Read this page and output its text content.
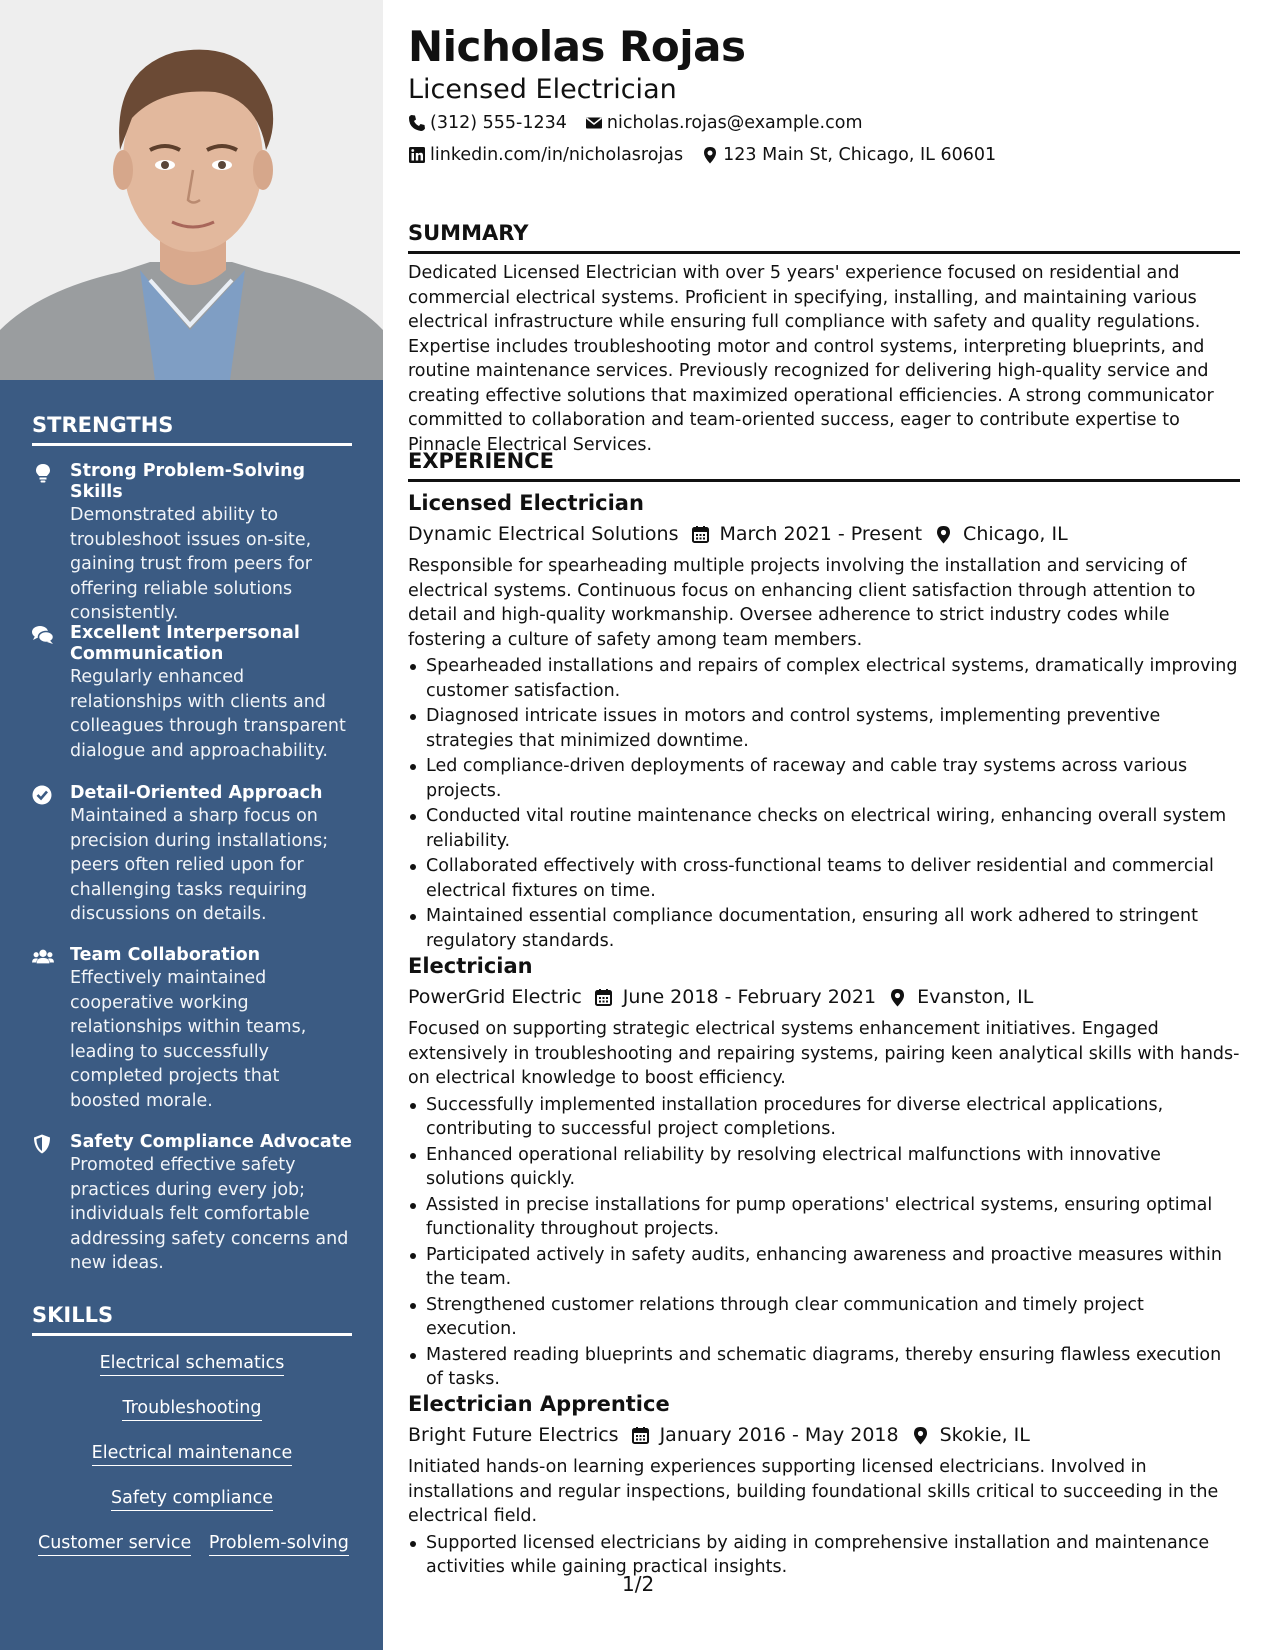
STRENGTHS
Strong Problem-Solving Skills
Demonstrated ability to troubleshoot issues on-site, gaining trust from peers for offering reliable solutions consistently.
Excellent Interpersonal Communication
Regularly enhanced relationships with clients and colleagues through transparent dialogue and approachability.
Detail-Oriented Approach
Maintained a sharp focus on precision during installations; peers often relied upon for challenging tasks requiring discussions on details.
Team Collaboration
Effectively maintained cooperative working relationships within teams, leading to successfully completed projects that boosted morale.
Safety Compliance Advocate
Promoted effective safety practices during every job; individuals felt comfortable addressing safety concerns and new ideas.
SKILLS
Electrical schematics
Troubleshooting
Electrical maintenance
Safety compliance
Customer service Problem-solving
Nicholas Rojas
Licensed Electrician
(312) 555-1234 nicholas.rojas@example.com
linkedin.com/in/nicholasrojas 123 Main St, Chicago, IL 60601
SUMMARY
Dedicated Licensed Electrician with over 5 years' experience focused on residential and commercial electrical systems. Proficient in specifying, installing, and maintaining various electrical infrastructure while ensuring full compliance with safety and quality regulations. Expertise includes troubleshooting motor and control systems, interpreting blueprints, and routine maintenance services. Previously recognized for delivering high-quality service and creating effective solutions that maximized operational efficiencies. A strong communicator committed to collaboration and team-oriented success, eager to contribute expertise to Pinnacle Electrical Services.
EXPERIENCE
Licensed Electrician
Dynamic Electrical Solutions March 2021 - Present Chicago, IL
Responsible for spearheading multiple projects involving the installation and servicing of electrical systems. Continuous focus on enhancing client satisfaction through attention to detail and high-quality workmanship. Oversee adherence to strict industry codes while fostering a culture of safety among team members.
Spearheaded installations and repairs of complex electrical systems, dramatically improving customer satisfaction.
Diagnosed intricate issues in motors and control systems, implementing preventive strategies that minimized downtime.
Led compliance-driven deployments of raceway and cable tray systems across various projects.
Conducted vital routine maintenance checks on electrical wiring, enhancing overall system reliability.
Collaborated effectively with cross-functional teams to deliver residential and commercial electrical fixtures on time.
Maintained essential compliance documentation, ensuring all work adhered to stringent regulatory standards.
Electrician
PowerGrid Electric June 2018 - February 2021 Evanston, IL
Focused on supporting strategic electrical systems enhancement initiatives. Engaged extensively in troubleshooting and repairing systems, pairing keen analytical skills with hands-on electrical knowledge to boost efficiency.
Successfully implemented installation procedures for diverse electrical applications, contributing to successful project completions.
Enhanced operational reliability by resolving electrical malfunctions with innovative solutions quickly.
Assisted in precise installations for pump operations' electrical systems, ensuring optimal functionality throughout projects.
Participated actively in safety audits, enhancing awareness and proactive measures within the team.
Strengthened customer relations through clear communication and timely project execution.
Mastered reading blueprints and schematic diagrams, thereby ensuring flawless execution of tasks.
Electrician Apprentice
Bright Future Electrics January 2016 - May 2018 Skokie, IL
Initiated hands-on learning experiences supporting licensed electricians. Involved in installations and regular inspections, building foundational skills critical to succeeding in the electrical field.
Supported licensed electricians by aiding in comprehensive installation and maintenance activities while gaining practical insights.
1/2
